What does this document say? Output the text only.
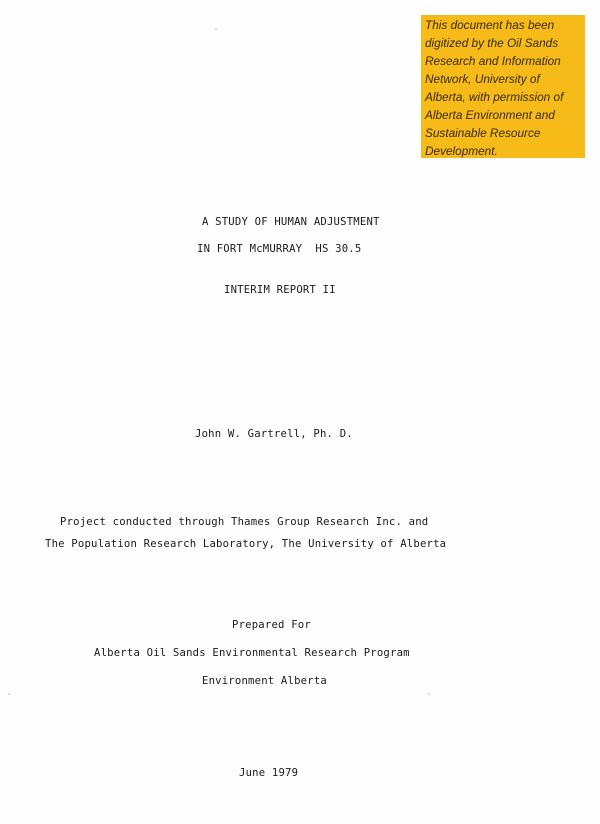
This document has been
digitized by the Oil Sands
Research and Information
Network, University of
Alberta, with permission of
Alberta Environment and
Sustainable Resource
Development.
A STUDY OF HUMAN ADJUSTMENT
IN FORT McMURRAY  HS 30.5
INTERIM REPORT II
John W. Gartrell, Ph. D.
Project conducted through Thames Group Research Inc. and
The Population Research Laboratory, The University of Alberta
Prepared For
Alberta Oil Sands Environmental Research Program
Environment Alberta
June 1979
